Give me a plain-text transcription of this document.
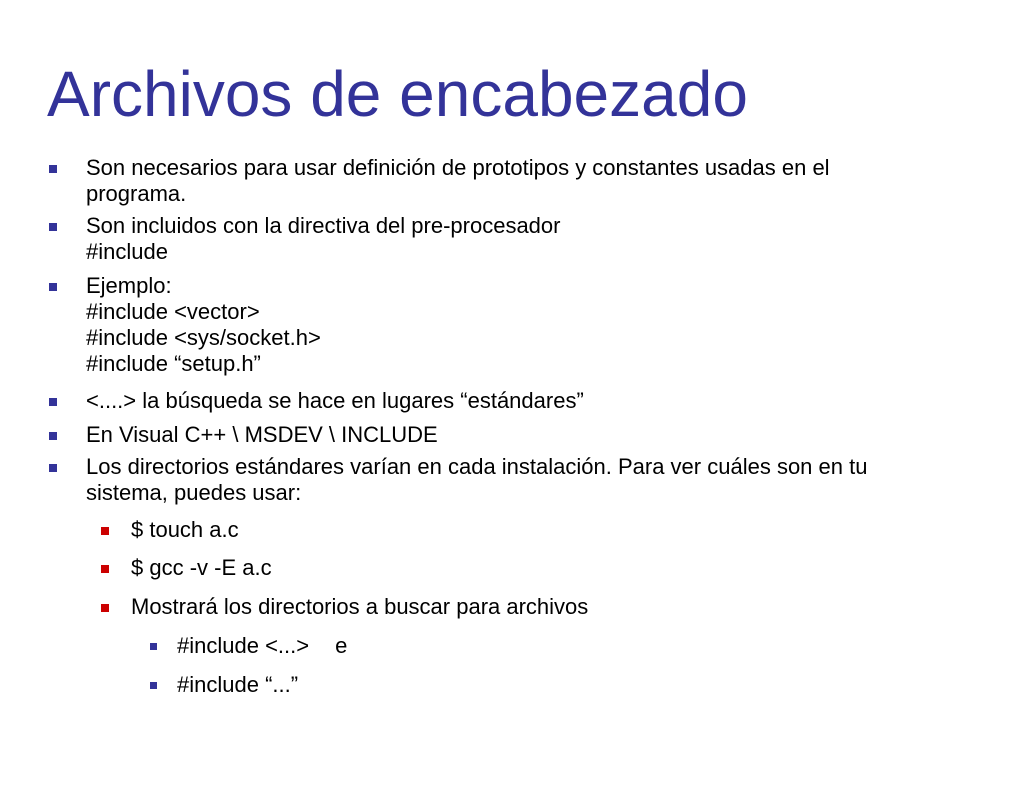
Archivos de encabezado
Son necesarios para usar definición de prototipos y constantes usadas en el
programa.
Son incluidos con la directiva del pre-procesador
#include
Ejemplo:
#include <vector>
#include <sys/socket.h>
#include “setup.h”
<....> la búsqueda se hace en lugares “estándares”
En Visual C++ \ MSDEV \ INCLUDE
Los directorios estándares varían en cada instalación. Para ver cuáles son en tu
sistema, puedes usar:
$ touch a.c
$ gcc -v -E a.c
Mostrará los directorios a buscar para archivos
#include <...> e
#include “...”
